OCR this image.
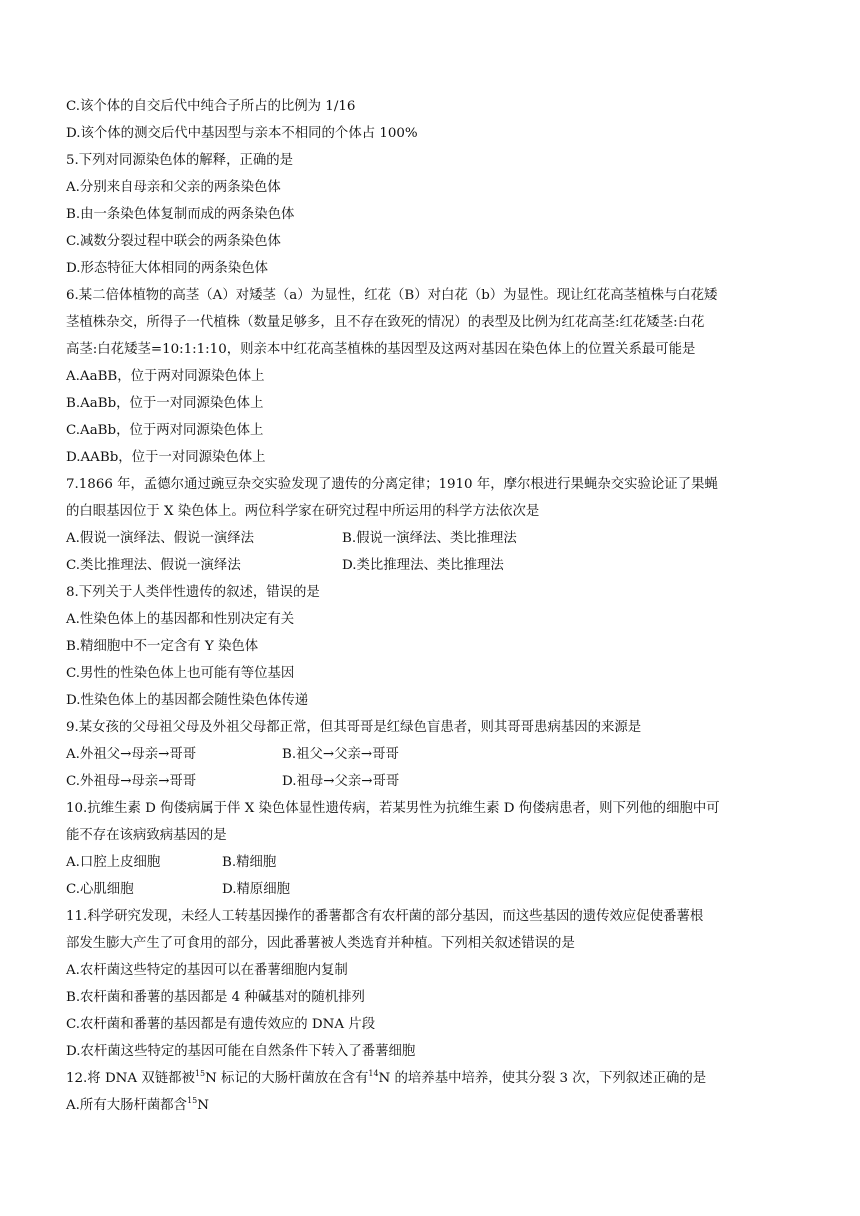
C.该个体的自交后代中纯合子所占的比例为 1/16
D.该个体的测交后代中基因型与亲本不相同的个体占 100%
5.下列对同源染色体的解释，正确的是
A.分别来自母亲和父亲的两条染色体
B.由一条染色体复制而成的两条染色体
C.减数分裂过程中联会的两条染色体
D.形态特征大体相同的两条染色体
6.某二倍体植物的高茎（A）对矮茎（a）为显性，红花（B）对白花（b）为显性。现让红花高茎植株与白花矮
茎植株杂交，所得子一代植株（数量足够多，且不存在致死的情况）的表型及比例为红花高茎:红花矮茎:白花
高茎:白花矮茎=10:1:1:10，则亲本中红花高茎植株的基因型及这两对基因在染色体上的位置关系最可能是
A.AaBB，位于两对同源染色体上
B.AaBb，位于一对同源染色体上
C.AaBb，位于两对同源染色体上
D.AABb，位于一对同源染色体上
7.1866 年，孟德尔通过豌豆杂交实验发现了遗传的分离定律；1910 年，摩尔根进行果蝇杂交实验论证了果蝇
的白眼基因位于 X 染色体上。两位科学家在研究过程中所运用的科学方法依次是
A.假说一演绎法、假说一演绎法	B.假说一演绎法、类比推理法
C.类比推理法、假说一演绎法	D.类比推理法、类比推理法
8.下列关于人类伴性遗传的叙述，错误的是
A.性染色体上的基因都和性别决定有关
B.精细胞中不一定含有 Y 染色体
C.男性的性染色体上也可能有等位基因
D.性染色体上的基因都会随性染色体传递
9.某女孩的父母祖父母及外祖父母都正常，但其哥哥是红绿色盲患者，则其哥哥患病基因的来源是
A.外祖父→母亲→哥哥	B.祖父→父亲→哥哥
C.外祖母→母亲→哥哥	D.祖母→父亲→哥哥
10.抗维生素 D 佝偻病属于伴 X 染色体显性遗传病，若某男性为抗维生素 D 佝偻病患者，则下列他的细胞中可
能不存在该病致病基因的是
A.口腔上皮细胞	B.精细胞
C.心肌细胞	D.精原细胞
11.科学研究发现，未经人工转基因操作的番薯都含有农杆菌的部分基因，而这些基因的遗传效应促使番薯根
部发生膨大产生了可食用的部分，因此番薯被人类选育并种植。下列相关叙述错误的是
A.农杆菌这些特定的基因可以在番薯细胞内复制
B.农杆菌和番薯的基因都是 4 种碱基对的随机排列
C.农杆菌和番薯的基因都是有遗传效应的 DNA 片段
D.农杆菌这些特定的基因可能在自然条件下转入了番薯细胞
12.将 DNA 双链都被$^{15}$N 标记的大肠杆菌放在含有$^{14}$N 的培养基中培养，使其分裂 3 次，下列叙述正确的是
A.所有大肠杆菌都含$^{15}$N
